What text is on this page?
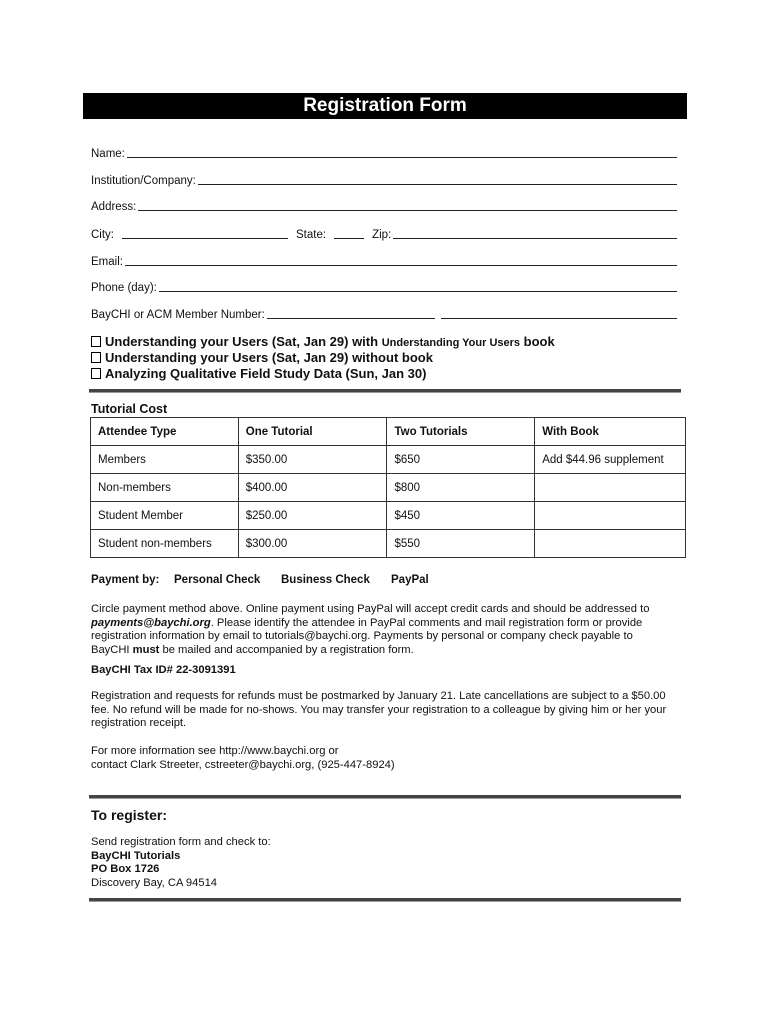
Registration Form
Name:
Institution/Company:
Address:
City:	State:	Zip:
Email:
Phone (day):
BayCHI or ACM Member Number:
Understanding your Users (Sat, Jan 29) with Understanding Your Users book
Understanding your Users (Sat, Jan 29) without book
Analyzing Qualitative Field Study Data (Sun, Jan 30)
Tutorial Cost
Attendee Type	One Tutorial	Two Tutorials	With Book
Members	$350.00	$650	Add $44.96 supplement
Non-members	$400.00	$800	
Student Member	$250.00	$450	
Student non-members	$300.00	$550	
Payment by: Personal Check Business Check PayPal
Circle payment method above. Online payment using PayPal will accept credit cards and should be addressed to
payments@baychi.org. Please identify the attendee in PayPal comments and mail registration form or provide
registration information by email to tutorials@baychi.org. Payments by personal or company check payable to
BayCHI must be mailed and accompanied by a registration form.
BayCHI Tax ID# 22-3091391
Registration and requests for refunds must be postmarked by January 21. Late cancellations are subject to a $50.00
fee. No refund will be made for no-shows. You may transfer your registration to a colleague by giving him or her your
registration receipt.
For more information see http://www.baychi.org or
contact Clark Streeter, cstreeter@baychi.org, (925-447-8924)
To register:
Send registration form and check to:
BayCHI Tutorials
PO Box 1726
Discovery Bay, CA 94514
